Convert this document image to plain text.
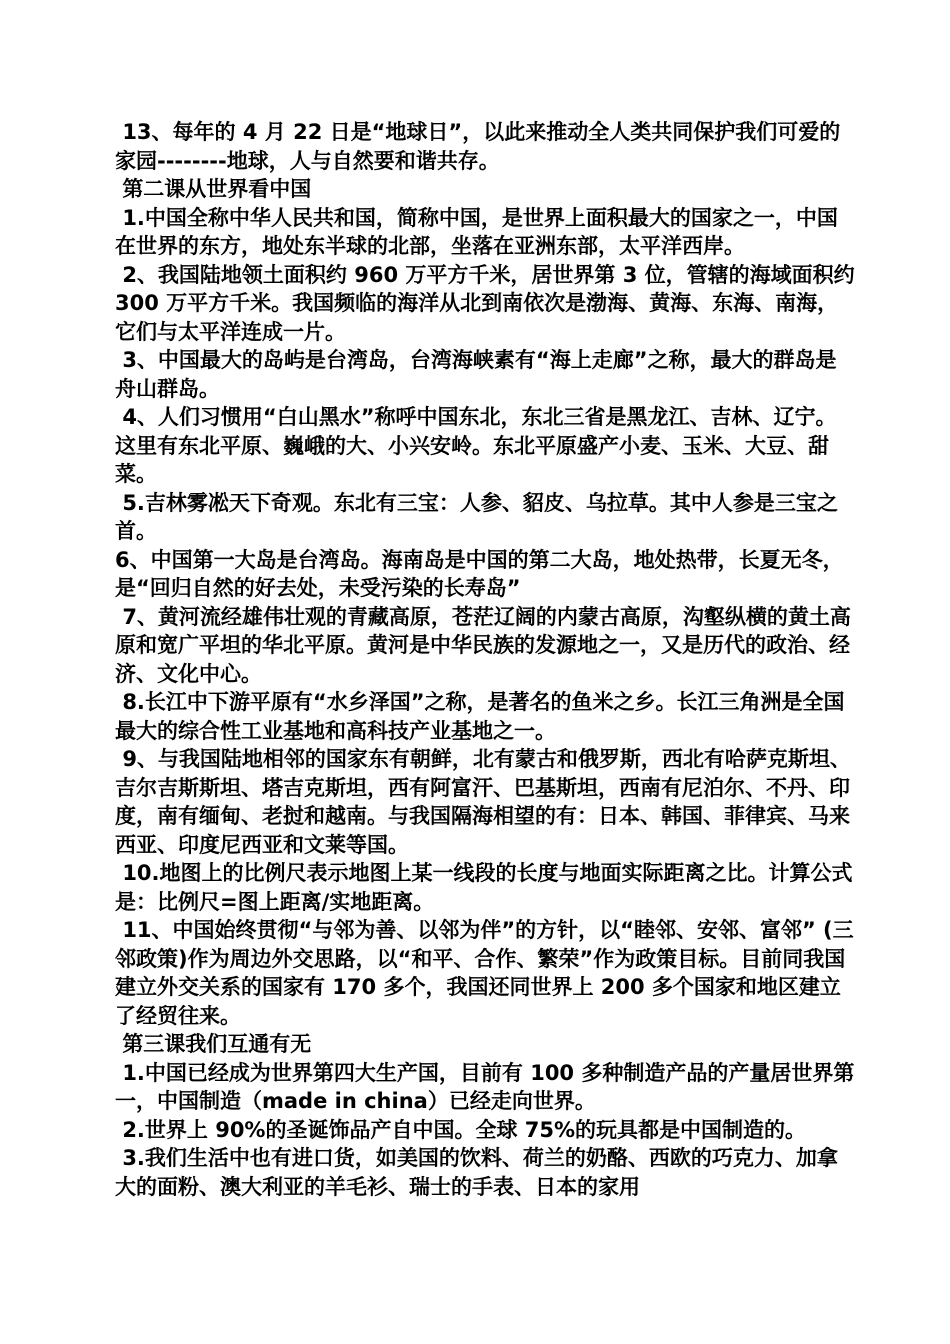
13、每年的 4 月 22 日是“地球日”，以此来推动全人类共同保护我们可爱的家园--------地球，人与自然要和谐共存。

第二课从世界看中国

1.中国全称中华人民共和国，简称中国，是世界上面积最大的国家之一，中国在世界的东方，地处东半球的北部，坐落在亚洲东部，太平洋西岸。

2、我国陆地领土面积约 960 万平方千米，居世界第 3 位，管辖的海域面积约 300 万平方千米。我国频临的海洋从北到南依次是渤海、黄海、东海、南海，它们与太平洋连成一片。

3、中国最大的岛屿是台湾岛，台湾海峡素有“海上走廊”之称，最大的群岛是舟山群岛。

4、人们习惯用“白山黑水”称呼中国东北，东北三省是黑龙江、吉林、辽宁。这里有东北平原、巍峨的大、小兴安岭。东北平原盛产小麦、玉米、大豆、甜菜。

5.吉林雾凇天下奇观。东北有三宝：人参、貂皮、乌拉草。其中人参是三宝之首。

6、中国第一大岛是台湾岛。海南岛是中国的第二大岛，地处热带，长夏无冬，是“回归自然的好去处，未受污染的长寿岛”

7、黄河流经雄伟壮观的青藏高原，苍茫辽阔的内蒙古高原，沟壑纵横的黄土高原和宽广平坦的华北平原。黄河是中华民族的发源地之一，又是历代的政治、经济、文化中心。

8.长江中下游平原有“水乡泽国”之称，是著名的鱼米之乡。长江三角洲是全国最大的综合性工业基地和高科技产业基地之一。

9、与我国陆地相邻的国家东有朝鲜，北有蒙古和俄罗斯，西北有哈萨克斯坦、吉尔吉斯斯坦、塔吉克斯坦，西有阿富汗、巴基斯坦，西南有尼泊尔、不丹、印度，南有缅甸、老挝和越南。与我国隔海相望的有：日本、韩国、菲律宾、马来西亚、印度尼西亚和文莱等国。

10.地图上的比例尺表示地图上某一线段的长度与地面实际距离之比。计算公式是：比例尺=图上距离/实地距离。

11、中国始终贯彻“与邻为善、以邻为伴”的方针，以“睦邻、安邻、富邻” (三邻政策)作为周边外交思路，以“和平、合作、繁荣”作为政策目标。目前同我国建立外交关系的国家有 170 多个，我国还同世界上 200 多个国家和地区建立了经贸往来。

第三课我们互通有无

1.中国已经成为世界第四大生产国，目前有 100 多种制造产品的产量居世界第一，中国制造（made in china）已经走向世界。

2.世界上 90%的圣诞饰品产自中国。全球 75%的玩具都是中国制造的。

3.我们生活中也有进口货，如美国的饮料、荷兰的奶酪、西欧的巧克力、加拿大的面粉、澳大利亚的羊毛衫、瑞士的手表、日本的家用
